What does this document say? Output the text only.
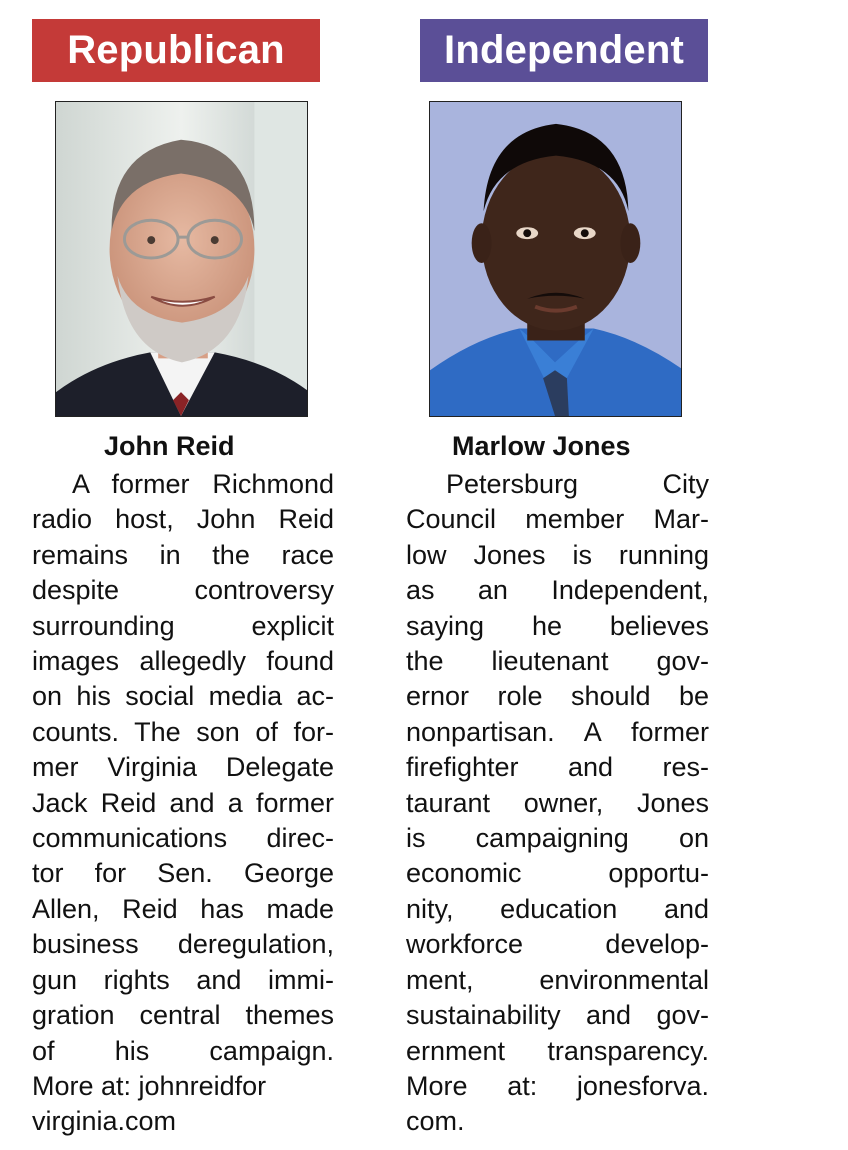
Republican
John Reid
A former Richmond
radio host, John Reid
remains in the race
despite controversy
surrounding explicit
images allegedly found
on his social media ac-
counts. The son of for-
mer Virginia Delegate
Jack Reid and a former
communications direc-
tor for Sen. George
Allen, Reid has made
business deregulation,
gun rights and immi-
gration central themes
of his campaign.
More at: johnreidfor
virginia.com
Independent
Marlow Jones
Petersburg City
Council member Mar-
low Jones is running
as an Independent,
saying he believes
the lieutenant gov-
ernor role should be
nonpartisan. A former
firefighter and res-
taurant owner, Jones
is campaigning on
economic opportu-
nity, education and
workforce develop-
ment, environmental
sustainability and gov-
ernment transparency.
More at: jonesforva.
com.
